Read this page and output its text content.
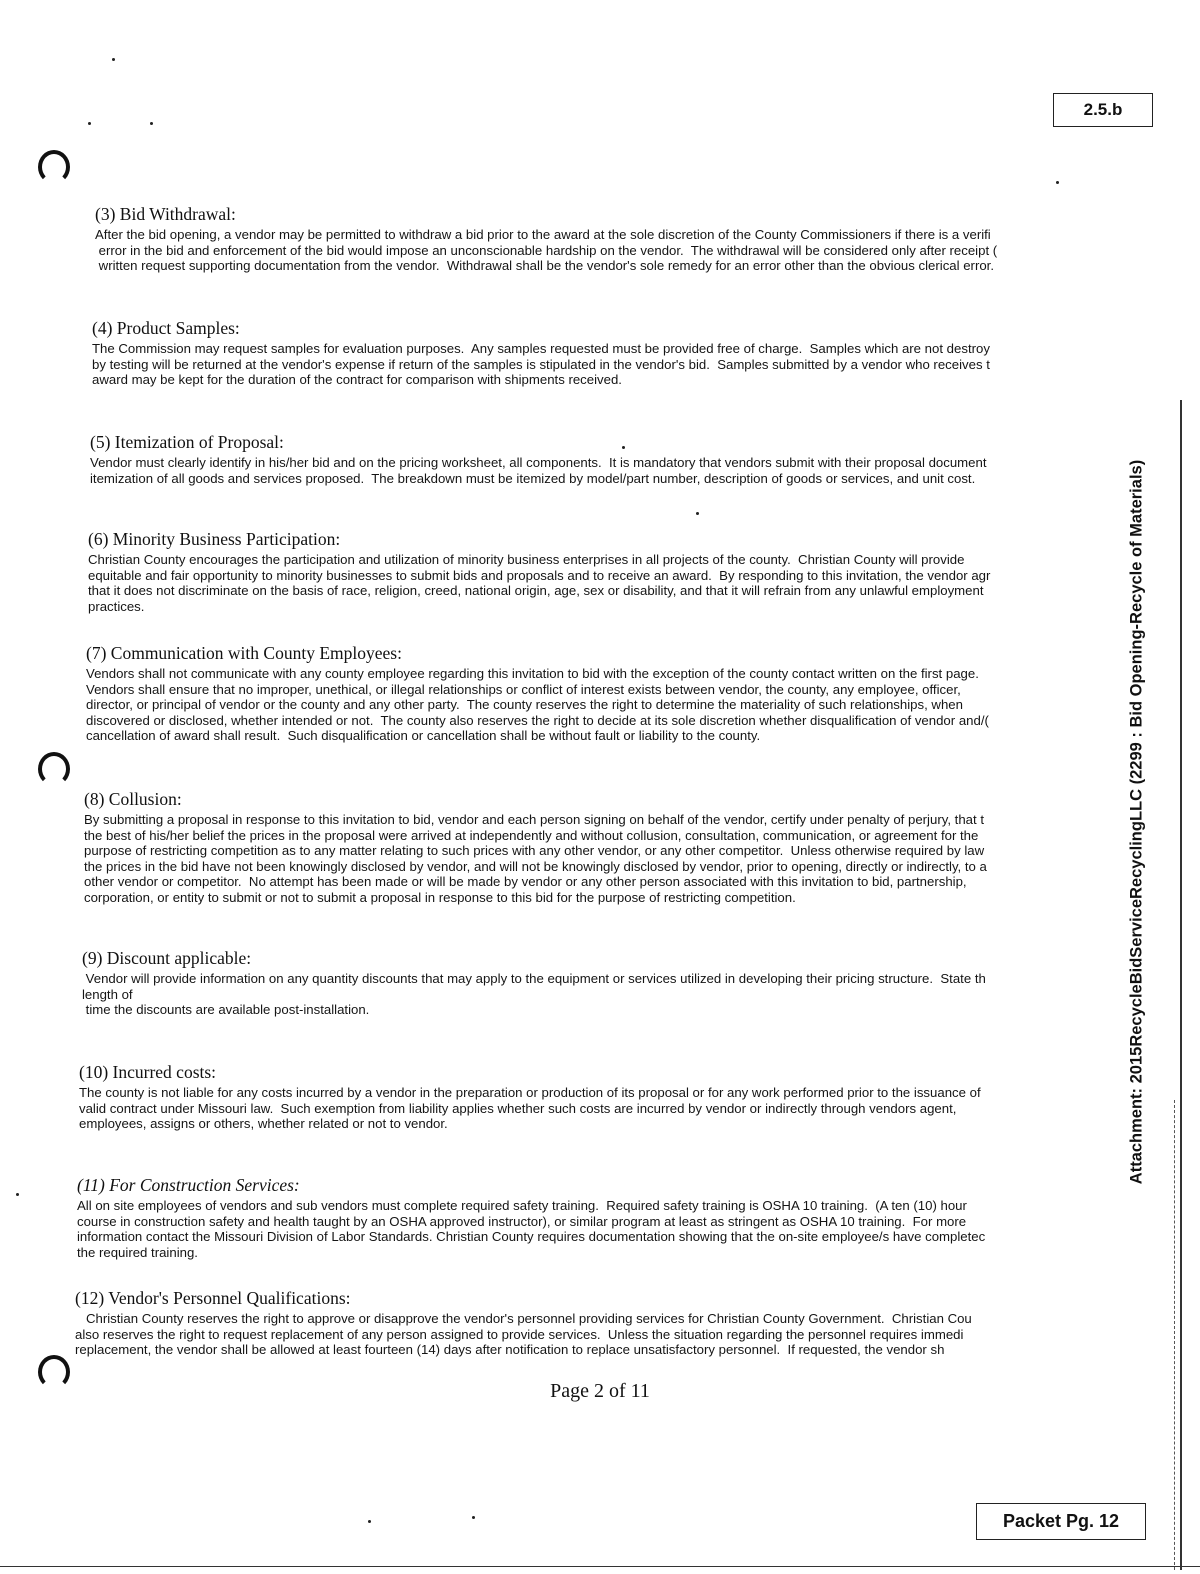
2.5.b
(3) Bid Withdrawal:

After the bid opening, a vendor may be permitted to withdraw a bid prior to the award at the sole discretion of the County Commissioners if there is a verifi
error in the bid and enforcement of the bid would impose an unconscionable hardship on the vendor.  The withdrawal will be considered only after receipt (
written request supporting documentation from the vendor.  Withdrawal shall be the vendor's sole remedy for an error other than the obvious clerical error.

(4) Product Samples:

The Commission may request samples for evaluation purposes.  Any samples requested must be provided free of charge.  Samples which are not destroy
by testing will be returned at the vendor's expense if return of the samples is stipulated in the vendor's bid.  Samples submitted by a vendor who receives t
award may be kept for the duration of the contract for comparison with shipments received.

(5) Itemization of Proposal:

Vendor must clearly identify in his/her bid and on the pricing worksheet, all components.  It is mandatory that vendors submit with their proposal document
itemization of all goods and services proposed.  The breakdown must be itemized by model/part number, description of goods or services, and unit cost.

(6) Minority Business Participation:

Christian County encourages the participation and utilization of minority business enterprises in all projects of the county.  Christian County will provide
equitable and fair opportunity to minority businesses to submit bids and proposals and to receive an award.  By responding to this invitation, the vendor agr
that it does not discriminate on the basis of race, religion, creed, national origin, age, sex or disability, and that it will refrain from any unlawful employment
practices.

(7) Communication with County Employees:

Vendors shall not communicate with any county employee regarding this invitation to bid with the exception of the county contact written on the first page.
Vendors shall ensure that no improper, unethical, or illegal relationships or conflict of interest exists between vendor, the county, any employee, officer,
director, or principal of vendor or the county and any other party.  The county reserves the right to determine the materiality of such relationships, when
discovered or disclosed, whether intended or not.  The county also reserves the right to decide at its sole discretion whether disqualification of vendor and/(
cancellation of award shall result.  Such disqualification or cancellation shall be without fault or liability to the county.

(8) Collusion:

By submitting a proposal in response to this invitation to bid, vendor and each person signing on behalf of the vendor, certify under penalty of perjury, that t
the best of his/her belief the prices in the proposal were arrived at independently and without collusion, consultation, communication, or agreement for the
purpose of restricting competition as to any matter relating to such prices with any other vendor, or any other competitor.  Unless otherwise required by law
the prices in the bid have not been knowingly disclosed by vendor, and will not be knowingly disclosed by vendor, prior to opening, directly or indirectly, to a
other vendor or competitor.  No attempt has been made or will be made by vendor or any other person associated with this invitation to bid, partnership,
corporation, or entity to submit or not to submit a proposal in response to this bid for the purpose of restricting competition.

(9) Discount applicable:

Vendor will provide information on any quantity discounts that may apply to the equipment or services utilized in developing their pricing structure.  State th
length of
time the discounts are available post-installation.

(10) Incurred costs:

The county is not liable for any costs incurred by a vendor in the preparation or production of its proposal or for any work performed prior to the issuance of
valid contract under Missouri law.  Such exemption from liability applies whether such costs are incurred by vendor or indirectly through vendors agent,
employees, assigns or others, whether related or not to vendor.

(11) For Construction Services:

All on site employees of vendors and sub vendors must complete required safety training.  Required safety training is OSHA 10 training.  (A ten (10) hour
course in construction safety and health taught by an OSHA approved instructor), or similar program at least as stringent as OSHA 10 training.  For more
information contact the Missouri Division of Labor Standards. Christian County requires documentation showing that the on-site employee/s have completec
the required training.

(12) Vendor's Personnel Qualifications:

Christian County reserves the right to approve or disapprove the vendor's personnel providing services for Christian County Government.  Christian Cou
also reserves the right to request replacement of any person assigned to provide services.  Unless the situation regarding the personnel requires immedi
replacement, the vendor shall be allowed at least fourteen (14) days after notification to replace unsatisfactory personnel.  If requested, the vendor sh

Page 2 of 11
Packet Pg. 12
Attachment: 2015RecycleBidServiceRecyclingLLC (2299 : Bid Opening-Recycle of Materials)
